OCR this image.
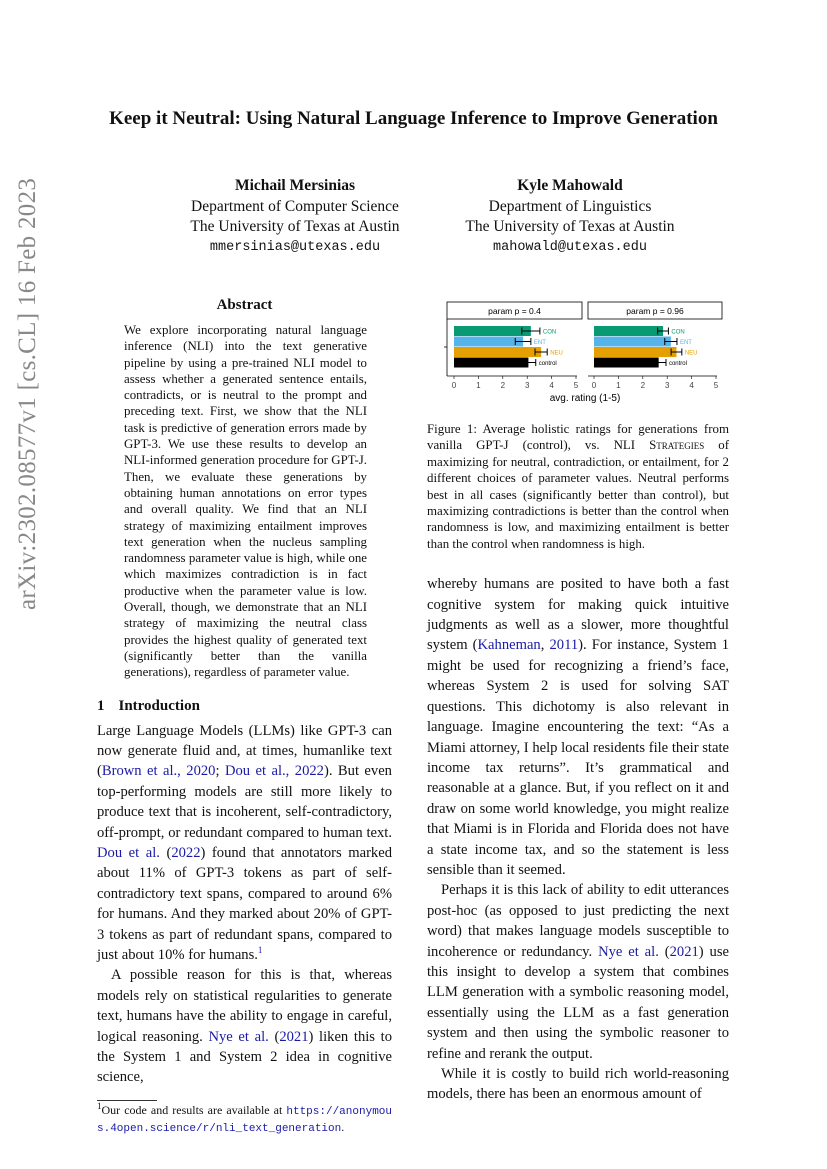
arXiv:2302.08577v1 [cs.CL] 16 Feb 2023
Keep it Neutral: Using Natural Language Inference to Improve Generation
Michail Mersinias
Department of Computer Science
The University of Texas at Austin
mmersinias@utexas.edu
Kyle Mahowald
Department of Linguistics
The University of Texas at Austin
mahowald@utexas.edu
Abstract
We explore incorporating natural language inference (NLI) into the text generative pipeline by using a pre-trained NLI model to assess whether a generated sentence entails, contradicts, or is neutral to the prompt and preceding text. First, we show that the NLI task is predictive of generation errors made by GPT-3. We use these results to develop an NLI-informed generation procedure for GPT-J. Then, we evaluate these generations by obtaining human annotations on error types and overall quality. We find that an NLI strategy of maximizing entailment improves text generation when the nucleus sampling randomness parameter value is high, while one which maximizes contradiction is in fact productive when the parameter value is low. Overall, though, we demonstrate that an NLI strategy of maximizing the neutral class provides the highest quality of generated text (significantly better than the vanilla generations), regardless of parameter value.
1 Introduction

Large Language Models (LLMs) like GPT-3 can now generate fluid and, at times, humanlike text (Brown et al., 2020; Dou et al., 2022). But even top-performing models are still more likely to produce text that is incoherent, self-contradictory, off-prompt, or redundant compared to human text. Dou et al. (2022) found that annotators marked about 11% of GPT-3 tokens as part of self-contradictory text spans, compared to around 6% for humans. And they marked about 20% of GPT-3 tokens as part of redundant spans, compared to just about 10% for humans.$^1$

A possible reason for this is that, whereas models rely on statistical regularities to generate text, humans have the ability to engage in careful, logical reasoning. Nye et al. (2021) liken this to the System 1 and System 2 idea in cognitive science,

$^1$Our code and results are available at https://anonymous.4open.science/r/nli_text_generation.
param p = 0.4
0 1 2 3 4 5
CON
ENT
NEU
control
param p = 0.96
0 1 2 3 4 5
CON
ENT
NEU
control
avg. rating (1-5)
Figure 1: Average holistic ratings for generations from vanilla GPT-J (control), vs. NLI Strategies of maximizing for neutral, contradiction, or entailment, for 2 different choices of parameter values. Neutral performs best in all cases (significantly better than control), but maximizing contradictions is better than the control when randomness is low, and maximizing entailment is better than the control when randomness is high.

whereby humans are posited to have both a fast cognitive system for making quick intuitive judgments as well as a slower, more thoughtful system (Kahneman, 2011). For instance, System 1 might be used for recognizing a friend’s face, whereas System 2 is used for solving SAT questions. This dichotomy is also relevant in language. Imagine encountering the text: “As a Miami attorney, I help local residents file their state income tax returns”. It’s grammatical and reasonable at a glance. But, if you reflect on it and draw on some world knowledge, you might realize that Miami is in Florida and Florida does not have a state income tax, and so the statement is less sensible than it seemed.

Perhaps it is this lack of ability to edit utterances post-hoc (as opposed to just predicting the next word) that makes language models susceptible to incoherence or redundancy. Nye et al. (2021) use this insight to develop a system that combines LLM generation with a symbolic reasoning model, essentially using the LLM as a fast generation system and then using the symbolic reasoner to refine and rerank the output.

While it is costly to build rich world-reasoning models, there has been an enormous amount of
